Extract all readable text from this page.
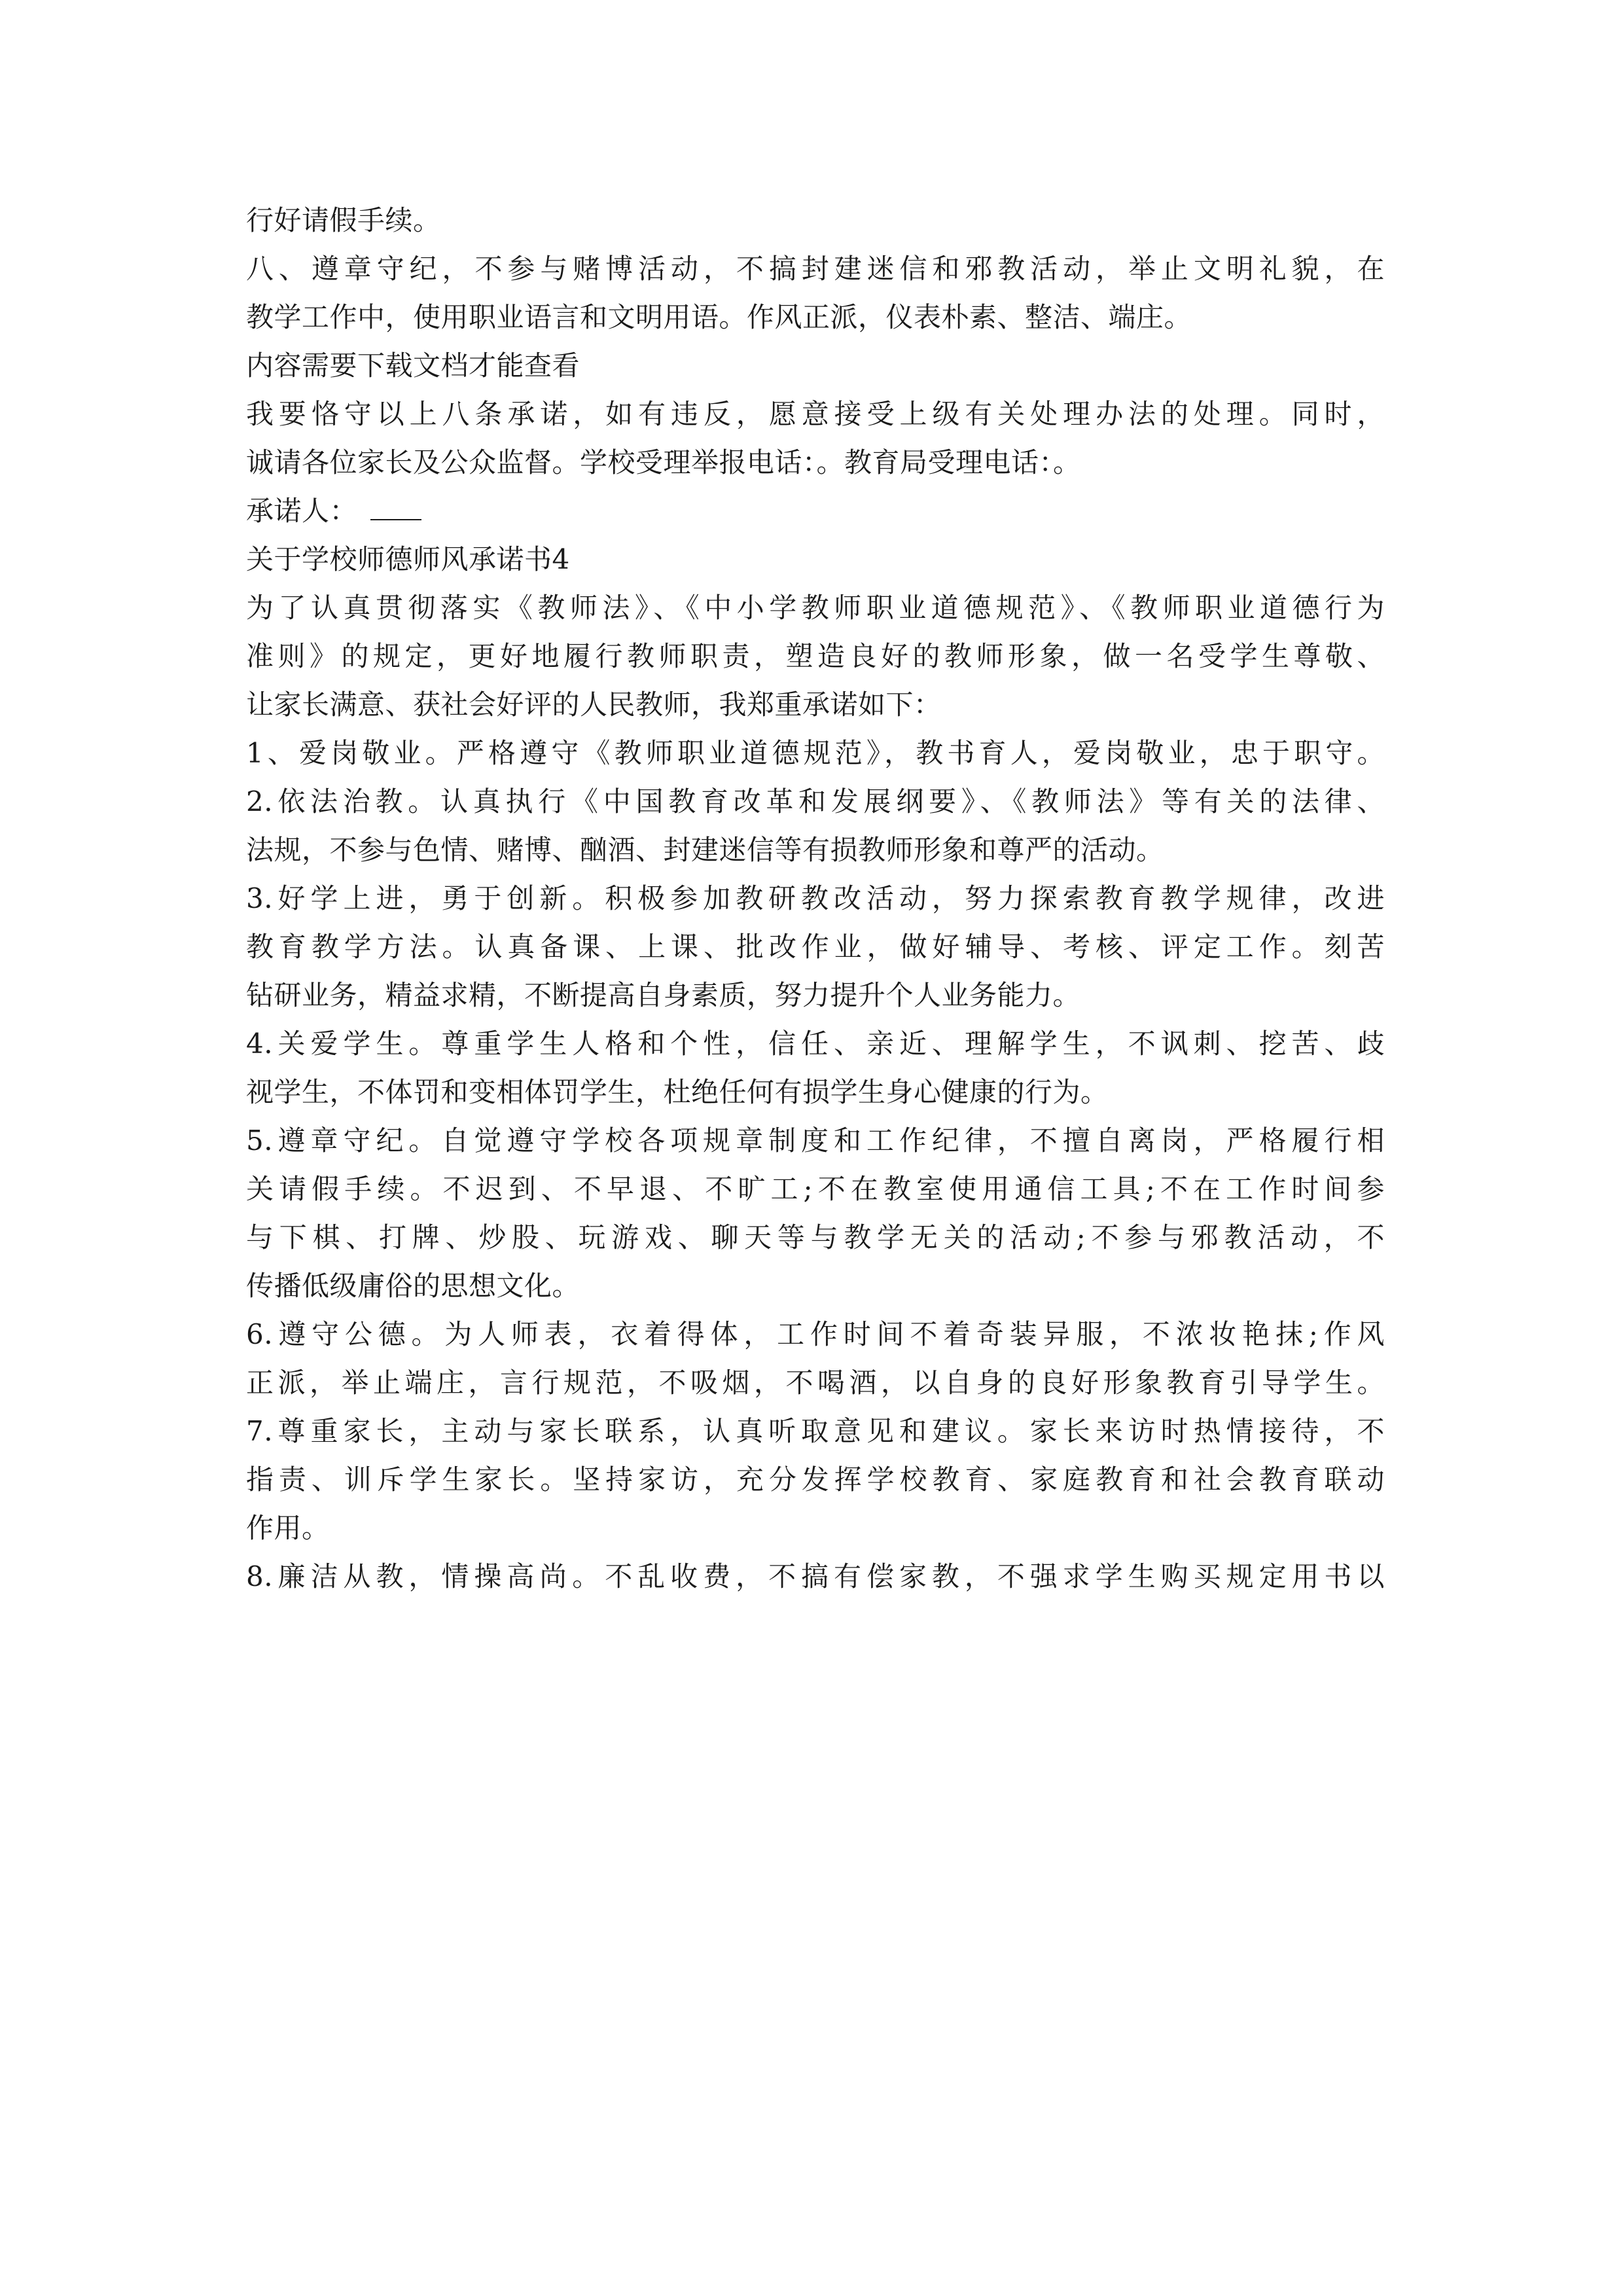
行好请假手续。
八、遵章守纪，不参与赌博活动，不搞封建迷信和邪教活动，举止文明礼貌，在
教学工作中，使用职业语言和文明用语。作风正派，仪表朴素、整洁、端庄。
内容需要下载文档才能查看
我要恪守以上八条承诺，如有违反，愿意接受上级有关处理办法的处理。同时，
诚请各位家长及公众监督。学校受理举报电话：。教育局受理电话：。
承诺人：
关于学校师德师风承诺书4
为了认真贯彻落实《教师法》、《中小学教师职业道德规范》、《教师职业道德行为
准则》的规定，更好地履行教师职责，塑造良好的教师形象，做一名受学生尊敬、
让家长满意、获社会好评的人民教师，我郑重承诺如下：
1、爱岗敬业。严格遵守《教师职业道德规范》，教书育人，爱岗敬业，忠于职守。
2.依法治教。认真执行《中国教育改革和发展纲要》、《教师法》等有关的法律、
法规，不参与色情、赌博、酗酒、封建迷信等有损教师形象和尊严的活动。
3.好学上进，勇于创新。积极参加教研教改活动，努力探索教育教学规律，改进
教育教学方法。认真备课、上课、批改作业，做好辅导、考核、评定工作。刻苦
钻研业务，精益求精，不断提高自身素质，努力提升个人业务能力。
4.关爱学生。尊重学生人格和个性，信任、亲近、理解学生，不讽刺、挖苦、歧
视学生，不体罚和变相体罚学生，杜绝任何有损学生身心健康的行为。
5.遵章守纪。自觉遵守学校各项规章制度和工作纪律，不擅自离岗，严格履行相
关请假手续。不迟到、不早退、不旷工;不在教室使用通信工具;不在工作时间参
与下棋、打牌、炒股、玩游戏、聊天等与教学无关的活动;不参与邪教活动，不
传播低级庸俗的思想文化。
6.遵守公德。为人师表，衣着得体，工作时间不着奇装异服，不浓妆艳抹;作风
正派，举止端庄，言行规范，不吸烟，不喝酒，以自身的良好形象教育引导学生。
7.尊重家长，主动与家长联系，认真听取意见和建议。家长来访时热情接待，不
指责、训斥学生家长。坚持家访，充分发挥学校教育、家庭教育和社会教育联动
作用。
8.廉洁从教，情操高尚。不乱收费，不搞有偿家教，不强求学生购买规定用书以
